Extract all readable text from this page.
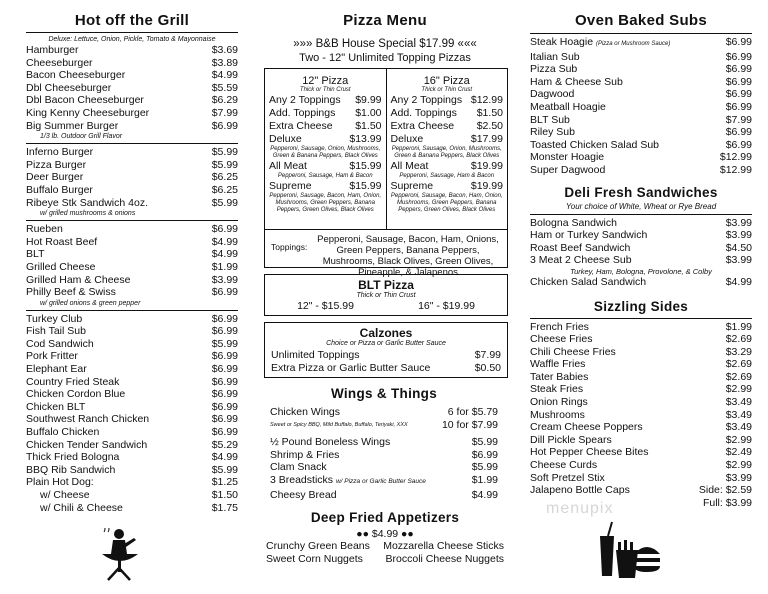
Hot off the Grill
Deluxe: Lettuce, Onion, Pickle, Tomato & Mayonnaise
Hamburger	$3.69
Cheeseburger	$3.89
Bacon Cheeseburger	$4.99
Dbl Cheeseburger	$5.59
Dbl Bacon Cheeseburger	$6.29
King Kenny Cheeseburger	$7.99
Big Summer Burger	$6.99
1/3 lb. Outdoor Grill Flavor
Inferno Burger	$5.99
Pizza Burger	$5.99
Deer Burger	$6.25
Buffalo Burger	$6.25
Ribeye Stk Sandwich 4oz.	$5.99
w/ grilled mushrooms & onions
Rueben	$6.99
Hot Roast Beef	$4.99
BLT	$4.99
Grilled Cheese	$1.99
Grilled Ham & Cheese	$3.99
Philly Beef & Swiss	$6.99
w/ grilled onions & green pepper
Turkey Club	$6.99
Fish Tail Sub	$6.99
Cod Sandwich	$5.99
Pork Fritter	$6.99
Elephant Ear	$6.99
Country Fried Steak	$6.99
Chicken Cordon Blue	$6.99
Chicken BLT	$6.99
Southwest Ranch Chicken	$6.99
Buffalo Chicken	$6.99
Chicken Tender Sandwich	$5.29
Thick Fried Bologna	$4.99
BBQ Rib Sandwich	$5.99
Plain Hot Dog:	$1.25
w/ Cheese	$1.50
w/ Chili & Cheese	$1.75
Pizza Menu
»»» B&B House Special $17.99 «««
Two - 12" Unlimited Topping Pizzas
12" Pizza
Thick or Thin Crust
Any 2 Toppings $9.99
Add. Toppings $1.00
Extra Cheese $1.50
Deluxe	$13.99
Pepperoni, Sausage, Onion, Mushrooms, Green & Banana Peppers, Black Olives
All Meat	$15.99
Pepperoni, Sausage, Ham & Bacon
Supreme	$15.99
Pepperoni, Sausage, Bacon, Ham, Onion, Mushrooms, Green Peppers, Banana Peppers, Green Olives, Black Olives
16" Pizza
Thick or Thin Crust
Any 2 Toppings $12.99
Add. Toppings $1.50
Extra Cheese $2.50
Deluxe	$17.99
Pepperoni, Sausage, Onion, Mushrooms, Green & Banana Peppers, Black Olives
All Meat	$19.99
Pepperoni, Sausage, Ham & Bacon
Supreme	$19.99
Pepperoni, Sausage, Bacon, Ham, Onion, Mushrooms, Green Peppers, Banana Peppers, Green Olives, Black Olives
Toppings:
Pepperoni, Sausage, Bacon, Ham, Onions, Green Peppers, Banana Peppers, Mushrooms, Black Olives, Green Olives, Pineapple, & Jalapenos
BLT Pizza
Thick or Thin Crust
12" - $15.99	16" - $19.99
Calzones
Choice or Pizza or Garlic Butter Sauce
Unlimited Toppings	$7.99
Extra Pizza or Garlic Butter Sauce	$0.50
Wings & Things
Chicken Wings	6 for $5.79
Sweet or Spicy BBQ, Mild Buffalo, Buffalo, Teriyaki, XXX	10 for $7.99
½ Pound Boneless Wings	$5.99
Shrimp & Fries	$6.99
Clam Snack	$5.99
3 Breadsticks w/ Pizza or Garlic Butter Sauce	$1.99
Cheesy Bread	$4.99
Deep Fried Appetizers
●● $4.99 ●●
Crunchy Green Beans Mozzarella Cheese Sticks
Sweet Corn Nuggets Broccoli Cheese Nuggets
Oven Baked Subs
Steak Hoagie (Pizza or Mushroom Sauce)	$6.99
Italian Sub	$6.99
Pizza Sub	$6.99
Ham & Cheese Sub	$6.99
Dagwood	$6.99
Meatball Hoagie	$6.99
BLT Sub	$7.99
Riley Sub	$6.99
Toasted Chicken Salad Sub	$6.99
Monster Hoagie	$12.99
Super Dagwood	$12.99
Deli Fresh Sandwiches
Your choice of White, Wheat or Rye Bread
Bologna Sandwich	$3.99
Ham or Turkey Sandwich	$3.99
Roast Beef Sandwich	$4.50
3 Meat 2 Cheese Sub	$3.99
Turkey, Ham, Bologna, Provolone, & Colby
Chicken Salad Sandwich	$4.99
Sizzling Sides
French Fries	$1.99
Cheese Fries	$2.69
Chili Cheese Fries	$3.29
Waffle Fries	$2.69
Tater Babies	$2.69
Steak Fries	$2.99
Onion Rings	$3.49
Mushrooms	$3.49
Cream Cheese Poppers	$3.49
Dill Pickle Spears	$2.99
Hot Pepper Cheese Bites	$2.49
Cheese Curds	$2.99
Soft Pretzel Stix	$3.99
Jalapeno Bottle Caps	Side: $2.59
Full: $3.99
menupix
